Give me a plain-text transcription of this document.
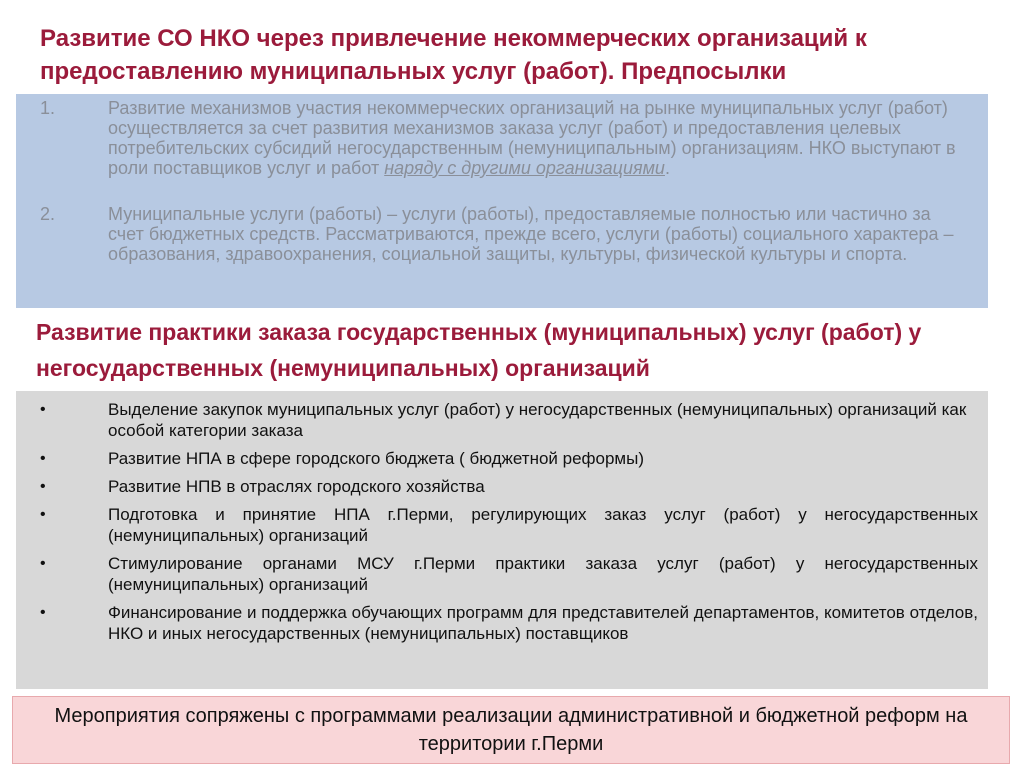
Развитие СО НКО через привлечение некоммерческих организаций к предоставлению муниципальных услуг (работ). Предпосылки
1.	Развитие механизмов участия некоммерческих организаций на рынке муниципальных услуг (работ) осуществляется за счет развития механизмов заказа услуг (работ) и предоставления целевых потребительских субсидий негосударственным (немуниципальным) организациям. НКО выступают в роли поставщиков услуг и работ наряду с другими организациями.
2.	Муниципальные услуги (работы) – услуги (работы), предоставляемые полностью или частично за счет бюджетных средств. Рассматриваются, прежде всего, услуги (работы) социального характера – образования, здравоохранения, социальной защиты, культуры, физической культуры и спорта.
Развитие практики заказа государственных (муниципальных) услуг (работ) у негосударственных (немуниципальных) организаций
•	Выделение закупок муниципальных услуг (работ) у негосударственных (немуниципальных) организаций как особой категории заказа
•	Развитие НПА в сфере городского бюджета ( бюджетной реформы)
•	Развитие НПВ в отраслях городского хозяйства
•	Подготовка и принятие НПА г.Перми, регулирующих заказ услуг (работ) у негосударственных (немуниципальных) организаций
•	Стимулирование органами МСУ г.Перми практики заказа услуг (работ) у негосударственных (немуниципальных) организаций
•	Финансирование и поддержка обучающих программ для представителей департаментов, комитетов отделов, НКО и иных негосударственных (немуниципальных) поставщиков
Мероприятия сопряжены с программами реализации административной и бюджетной реформ на территории г.Перми
